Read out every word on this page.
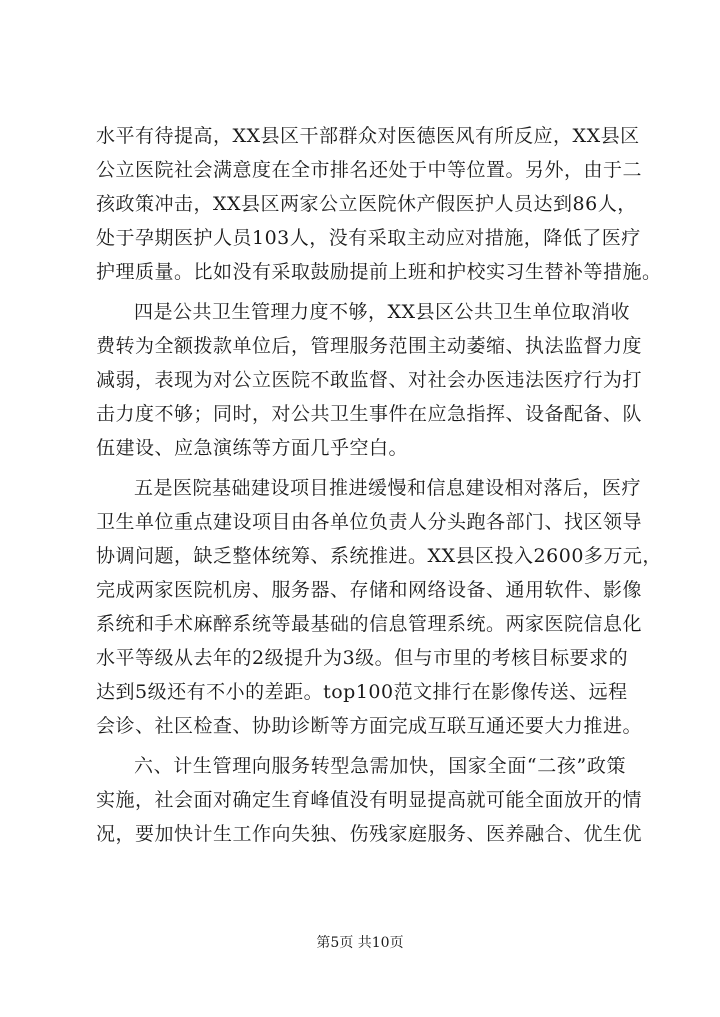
水平有待提高，XX县区干部群众对医德医风有所反应，XX县区
公立医院社会满意度在全市排名还处于中等位置。另外，由于二
孩政策冲击，XX县区两家公立医院休产假医护人员达到86人，
处于孕期医护人员103人，没有采取主动应对措施，降低了医疗
护理质量。比如没有采取鼓励提前上班和护校实习生替补等措施。
四是公共卫生管理力度不够，XX县区公共卫生单位取消收
费转为全额拨款单位后，管理服务范围主动萎缩、执法监督力度
减弱，表现为对公立医院不敢监督、对社会办医违法医疗行为打
击力度不够；同时，对公共卫生事件在应急指挥、设备配备、队
伍建设、应急演练等方面几乎空白。
五是医院基础建设项目推进缓慢和信息建设相对落后，医疗
卫生单位重点建设项目由各单位负责人分头跑各部门、找区领导
协调问题，缺乏整体统筹、系统推进。XX县区投入2600多万元，
完成两家医院机房、服务器、存储和网络设备、通用软件、影像
系统和手术麻醉系统等最基础的信息管理系统。两家医院信息化
水平等级从去年的2级提升为3级。但与市里的考核目标要求的
达到5级还有不小的差距。top100范文排行在影像传送、远程
会诊、社区检查、协助诊断等方面完成互联互通还要大力推进。
六、计生管理向服务转型急需加快，国家全面“二孩”政策
实施，社会面对确定生育峰值没有明显提高就可能全面放开的情
况，要加快计生工作向失独、伤残家庭服务、医养融合、优生优
第5页 共10页
